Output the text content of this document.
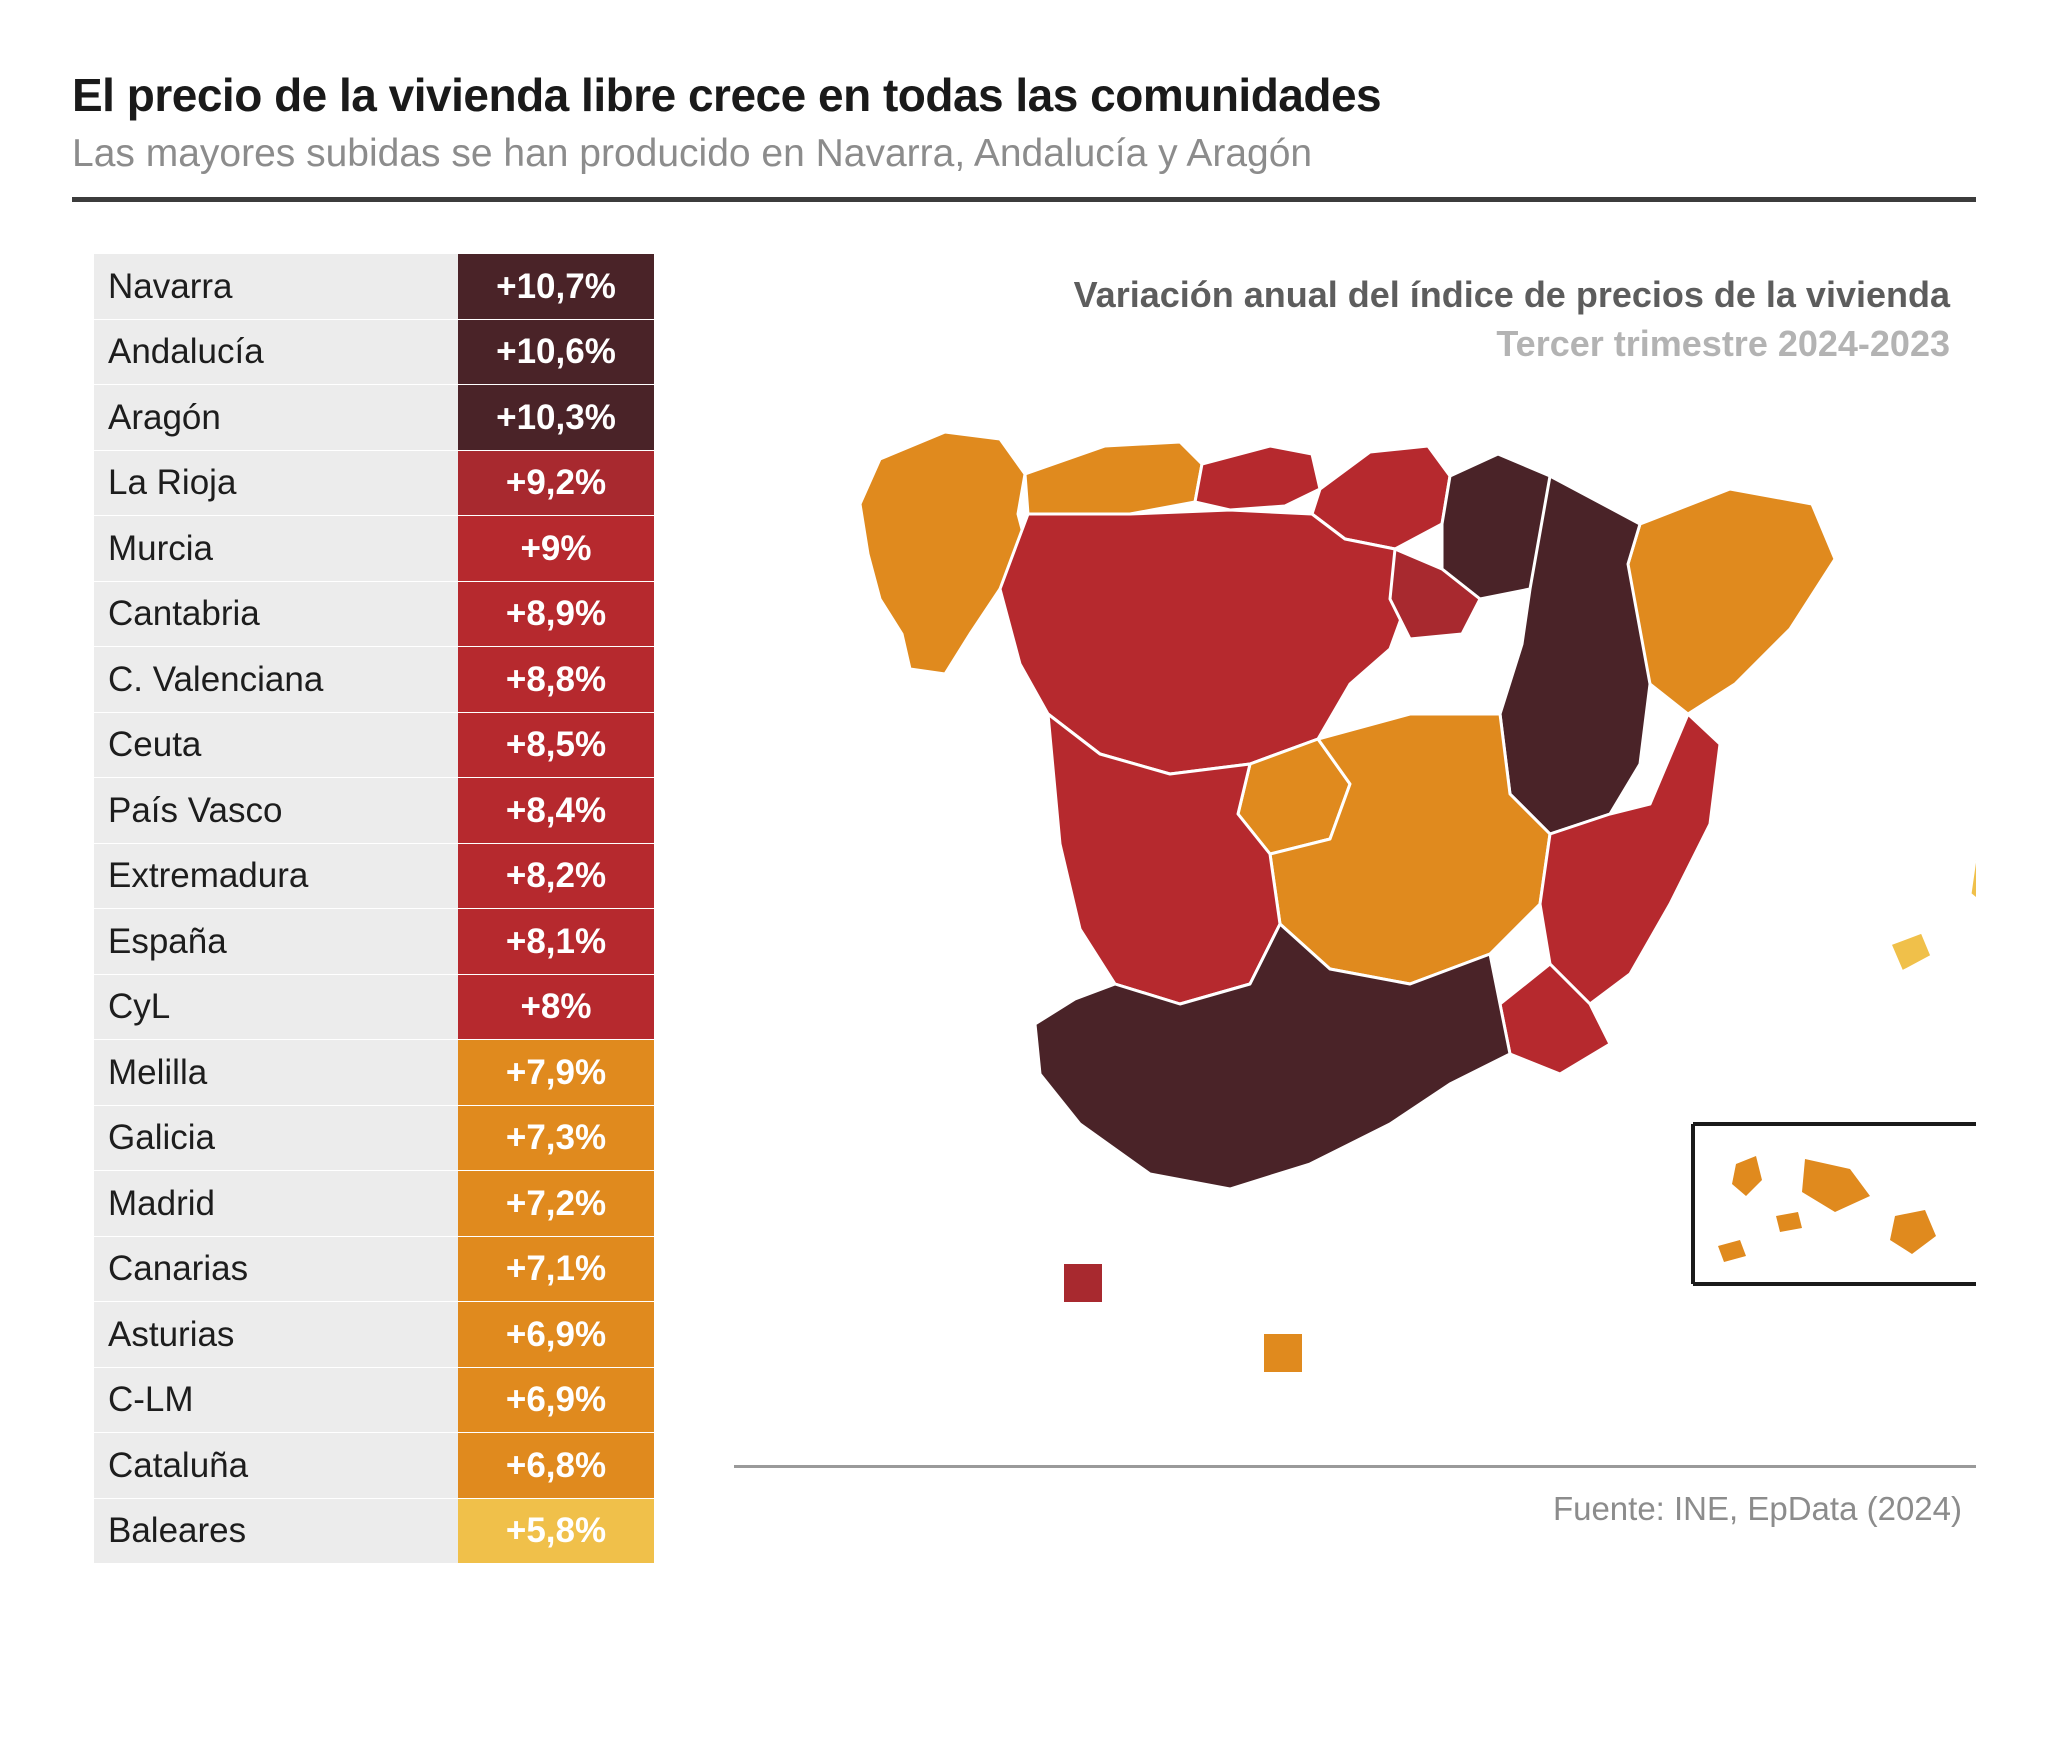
El precio de la vivienda libre crece en todas las comunidades
Las mayores subidas se han producido en Navarra, Andalucía y Aragón
Navarra	+10,7%
Andalucía	+10,6%
Aragón	+10,3%
La Rioja	+9,2%
Murcia	+9%
Cantabria	+8,9%
C. Valenciana	+8,8%
Ceuta	+8,5%
País Vasco	+8,4%
Extremadura	+8,2%
España	+8,1%
CyL	+8%
Melilla	+7,9%
Galicia	+7,3%
Madrid	+7,2%
Canarias	+7,1%
Asturias	+6,9%
C-LM	+6,9%
Cataluña	+6,8%
Baleares	+5,8%
Variación anual del índice de precios de la vivienda
Tercer trimestre 2024-2023
Fuente: INE, EpData (2024)
